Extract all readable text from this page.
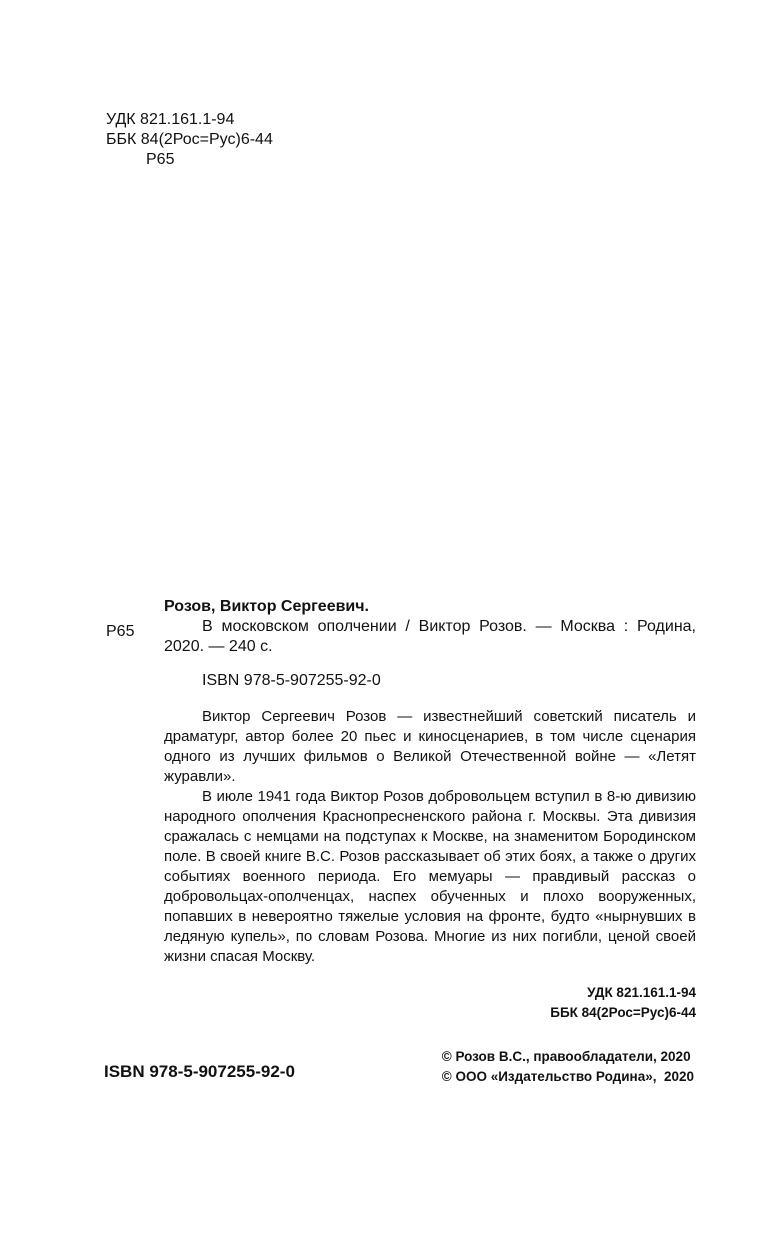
УДК 821.161.1-94
ББК 84(2Рос=Рус)6-44
Р65
Р65
Розов, Виктор Сергеевич.
В московском ополчении / Виктор Розов. — Москва : Родина, 2020. — 240 с.
ISBN 978-5-907255-92-0

Виктор Сергеевич Розов — известнейший советский писатель и драматург, автор более 20 пьес и киносценариев, в том числе сценария одного из лучших фильмов о Великой Отечественной войне — «Летят журавли».

В июле 1941 года Виктор Розов добровольцем вступил в 8-ю дивизию народного ополчения Краснопресненского района г. Москвы. Эта дивизия сражалась с немцами на подступах к Москве, на знаменитом Бородинском поле. В своей книге В.С. Розов рассказывает об этих боях, а также о других событиях военного периода. Его мемуары — правдивый рассказ о добровольцах-ополченцах, наспех обученных и плохо вооруженных, попавших в невероятно тяжелые условия на фронте, будто «нырнувших в ледяную купель», по словам Розова. Многие из них погибли, ценой своей жизни спасая Москву.

УДК 821.161.1-94
ББК 84(2Рос=Рус)6-44
ISBN 978-5-907255-92-0
© Розов В.С., правообладатели, 2020
© ООО «Издательство Родина»,  2020
